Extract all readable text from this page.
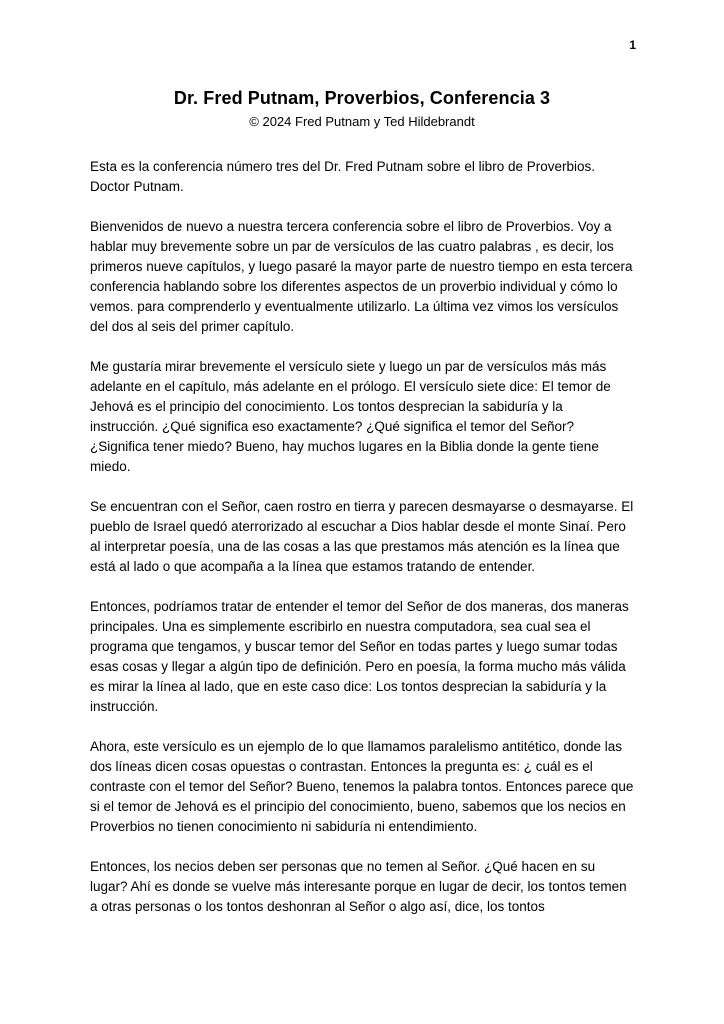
1
Dr. Fred Putnam, Proverbios, Conferencia 3
© 2024 Fred Putnam y Ted Hildebrandt

Esta es la conferencia número tres del Dr. Fred Putnam sobre el libro de Proverbios. Doctor Putnam.

Bienvenidos de nuevo a nuestra tercera conferencia sobre el libro de Proverbios. Voy a hablar muy brevemente sobre un par de versículos de las cuatro palabras , es decir, los primeros nueve capítulos, y luego pasaré la mayor parte de nuestro tiempo en esta tercera conferencia hablando sobre los diferentes aspectos de un proverbio individual y cómo lo vemos. para comprenderlo y eventualmente utilizarlo. La última vez vimos los versículos del dos al seis del primer capítulo.

Me gustaría mirar brevemente el versículo siete y luego un par de versículos más más adelante en el capítulo, más adelante en el prólogo. El versículo siete dice: El temor de Jehová es el principio del conocimiento. Los tontos desprecian la sabiduría y la instrucción. ¿Qué significa eso exactamente? ¿Qué significa el temor del Señor? ¿Significa tener miedo? Bueno, hay muchos lugares en la Biblia donde la gente tiene miedo.

Se encuentran con el Señor, caen rostro en tierra y parecen desmayarse o desmayarse. El pueblo de Israel quedó aterrorizado al escuchar a Dios hablar desde el monte Sinaí. Pero al interpretar poesía, una de las cosas a las que prestamos más atención es la línea que está al lado o que acompaña a la línea que estamos tratando de entender.

Entonces, podríamos tratar de entender el temor del Señor de dos maneras, dos maneras principales. Una es simplemente escribirlo en nuestra computadora, sea cual sea el programa que tengamos, y buscar temor del Señor en todas partes y luego sumar todas esas cosas y llegar a algún tipo de definición. Pero en poesía, la forma mucho más válida es mirar la línea al lado, que en este caso dice: Los tontos desprecian la sabiduría y la instrucción.

Ahora, este versículo es un ejemplo de lo que llamamos paralelismo antitético, donde las dos líneas dicen cosas opuestas o contrastan. Entonces la pregunta es: ¿ cuál es el contraste con el temor del Señor? Bueno, tenemos la palabra tontos. Entonces parece que si el temor de Jehová es el principio del conocimiento, bueno, sabemos que los necios en Proverbios no tienen conocimiento ni sabiduría ni entendimiento.

Entonces, los necios deben ser personas que no temen al Señor. ¿Qué hacen en su lugar? Ahí es donde se vuelve más interesante porque en lugar de decir, los tontos temen a otras personas o los tontos deshonran al Señor o algo así, dice, los tontos
